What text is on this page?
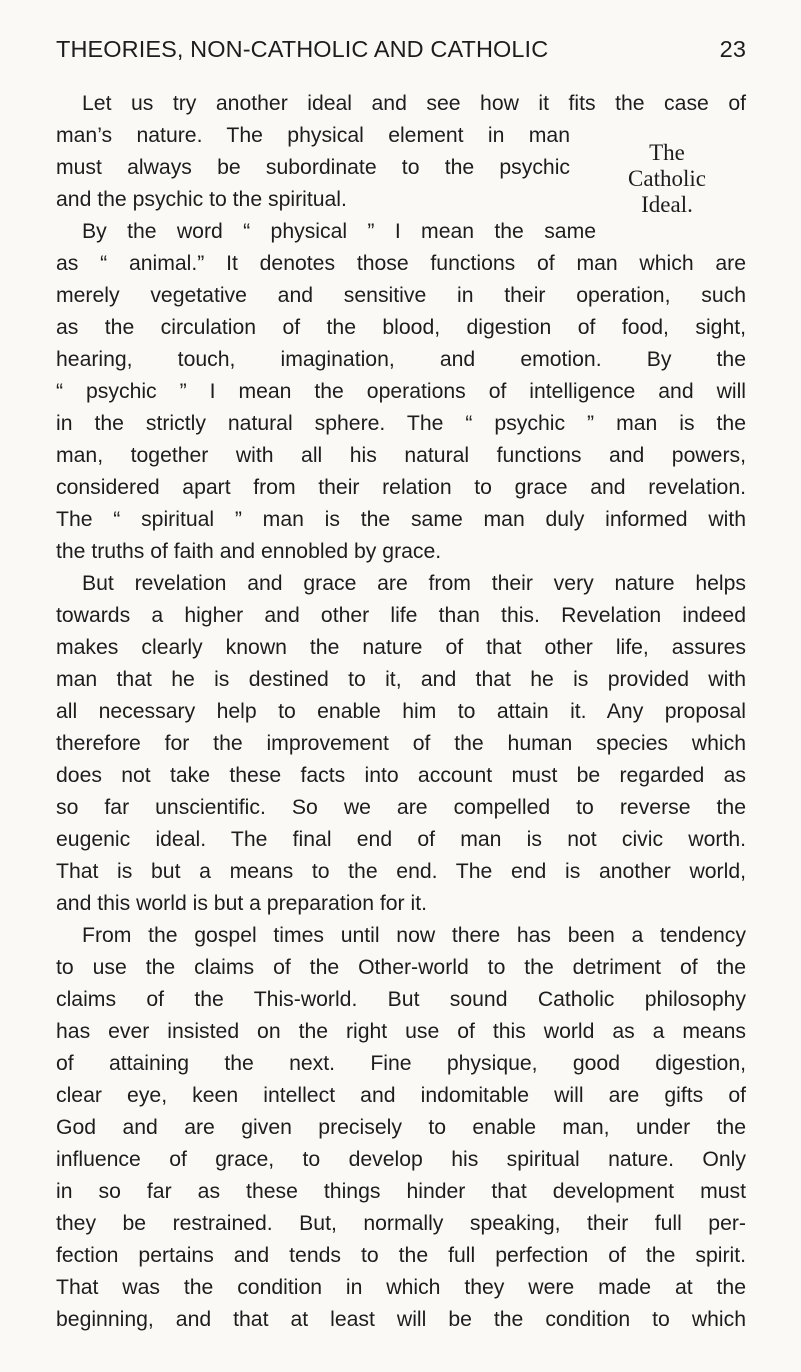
THEORIES, NON-CATHOLIC AND CATHOLIC	23
The
Catholic
Ideal.
Let us try another ideal and see how it fits the case of
man’s nature. The physical element in man
must always be subordinate to the psychic
and the psychic to the spiritual.
By the word “ physical ” I mean the same
as “ animal.” It denotes those functions of man which are
merely vegetative and sensitive in their operation, such
as the circulation of the blood, digestion of food, sight,
hearing, touch, imagination, and emotion. By the
“ psychic ” I mean the operations of intelligence and will
in the strictly natural sphere. The “ psychic ” man is the
man, together with all his natural functions and powers,
considered apart from their relation to grace and revelation.
The “ spiritual ” man is the same man duly informed with
the truths of faith and ennobled by grace.
But revelation and grace are from their very nature helps
towards a higher and other life than this. Revelation indeed
makes clearly known the nature of that other life, assures
man that he is destined to it, and that he is provided with
all necessary help to enable him to attain it. Any proposal
therefore for the improvement of the human species which
does not take these facts into account must be regarded as
so far unscientific. So we are compelled to reverse the
eugenic ideal. The final end of man is not civic worth.
That is but a means to the end. The end is another world,
and this world is but a preparation for it.
From the gospel times until now there has been a tendency
to use the claims of the Other-world to the detriment of the
claims of the This-world. But sound Catholic philosophy
has ever insisted on the right use of this world as a means
of attaining the next. Fine physique, good digestion,
clear eye, keen intellect and indomitable will are gifts of
God and are given precisely to enable man, under the
influence of grace, to develop his spiritual nature. Only
in so far as these things hinder that development must
they be restrained. But, normally speaking, their full per-
fection pertains and tends to the full perfection of the spirit.
That was the condition in which they were made at the
beginning, and that at least will be the condition to which
